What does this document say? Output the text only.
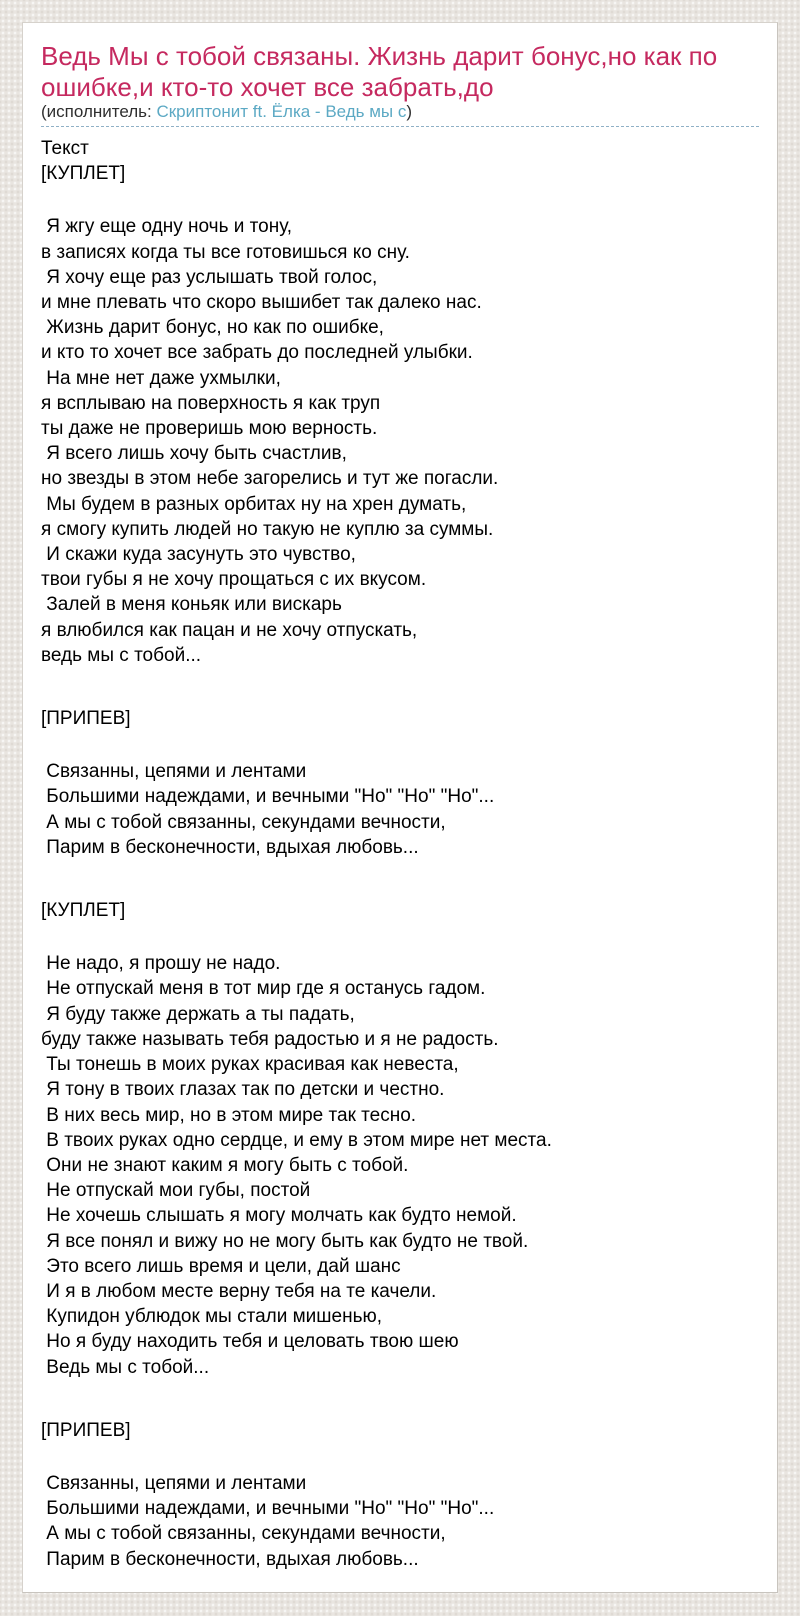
Ведь Мы с тобой связаны. Жизнь дарит бонус,но как по ошибке,и кто-то хочет все забрать,до
(исполнитель: Скриптонит ft. Ёлка - Ведь мы с)
Текст
[КУПЛЕТ]
Я жгу еще одну ночь и тону,
в записях когда ты все готовишься ко сну.
Я хочу еще раз услышать твой голос,
и мне плевать что скоро вышибет так далеко нас.
Жизнь дарит бонус, но как по ошибке,
и кто то хочет все забрать до последней улыбки.
На мне нет даже ухмылки,
я всплываю на поверхность я как труп
ты даже не проверишь мою верность.
Я всего лишь хочу быть счастлив,
но звезды в этом небе загорелись и тут же погасли.
Мы будем в разных орбитах ну на хрен думать,
я смогу купить людей но такую не куплю за суммы.
И скажи куда засунуть это чувство,
твои губы я не хочу прощаться с их вкусом.
Залей в меня коньяк или вискарь
я влюбился как пацан и не хочу отпускать,
ведь мы с тобой...
[ПРИПЕВ]
Связанны, цепями и лентами
Большими надеждами, и вечными "Но" "Но" "Но"...
А мы с тобой связанны, секундами вечности,
Парим в бесконечности, вдыхая любовь...
[КУПЛЕТ]
Не надо, я прошу не надо.
Не отпускай меня в тот мир где я останусь гадом.
Я буду также держать а ты падать,
буду также называть тебя радостью и я не радость.
Ты тонешь в моих руках красивая как невеста,
Я тону в твоих глазах так по детски и честно.
В них весь мир, но в этом мире так тесно.
В твоих руках одно сердце, и ему в этом мире нет места.
Они не знают каким я могу быть с тобой.
Не отпускай мои губы, постой
Не хочешь слышать я могу молчать как будто немой.
Я все понял и вижу но не могу быть как будто не твой.
Это всего лишь время и цели, дай шанс
И я в любом месте верну тебя на те качели.
Купидон ублюдок мы стали мишенью,
Но я буду находить тебя и целовать твою шею
Ведь мы с тобой...
[ПРИПЕВ]
Связанны, цепями и лентами
Большими надеждами, и вечными "Но" "Но" "Но"...
А мы с тобой связанны, секундами вечности,
Парим в бесконечности, вдыхая любовь...
